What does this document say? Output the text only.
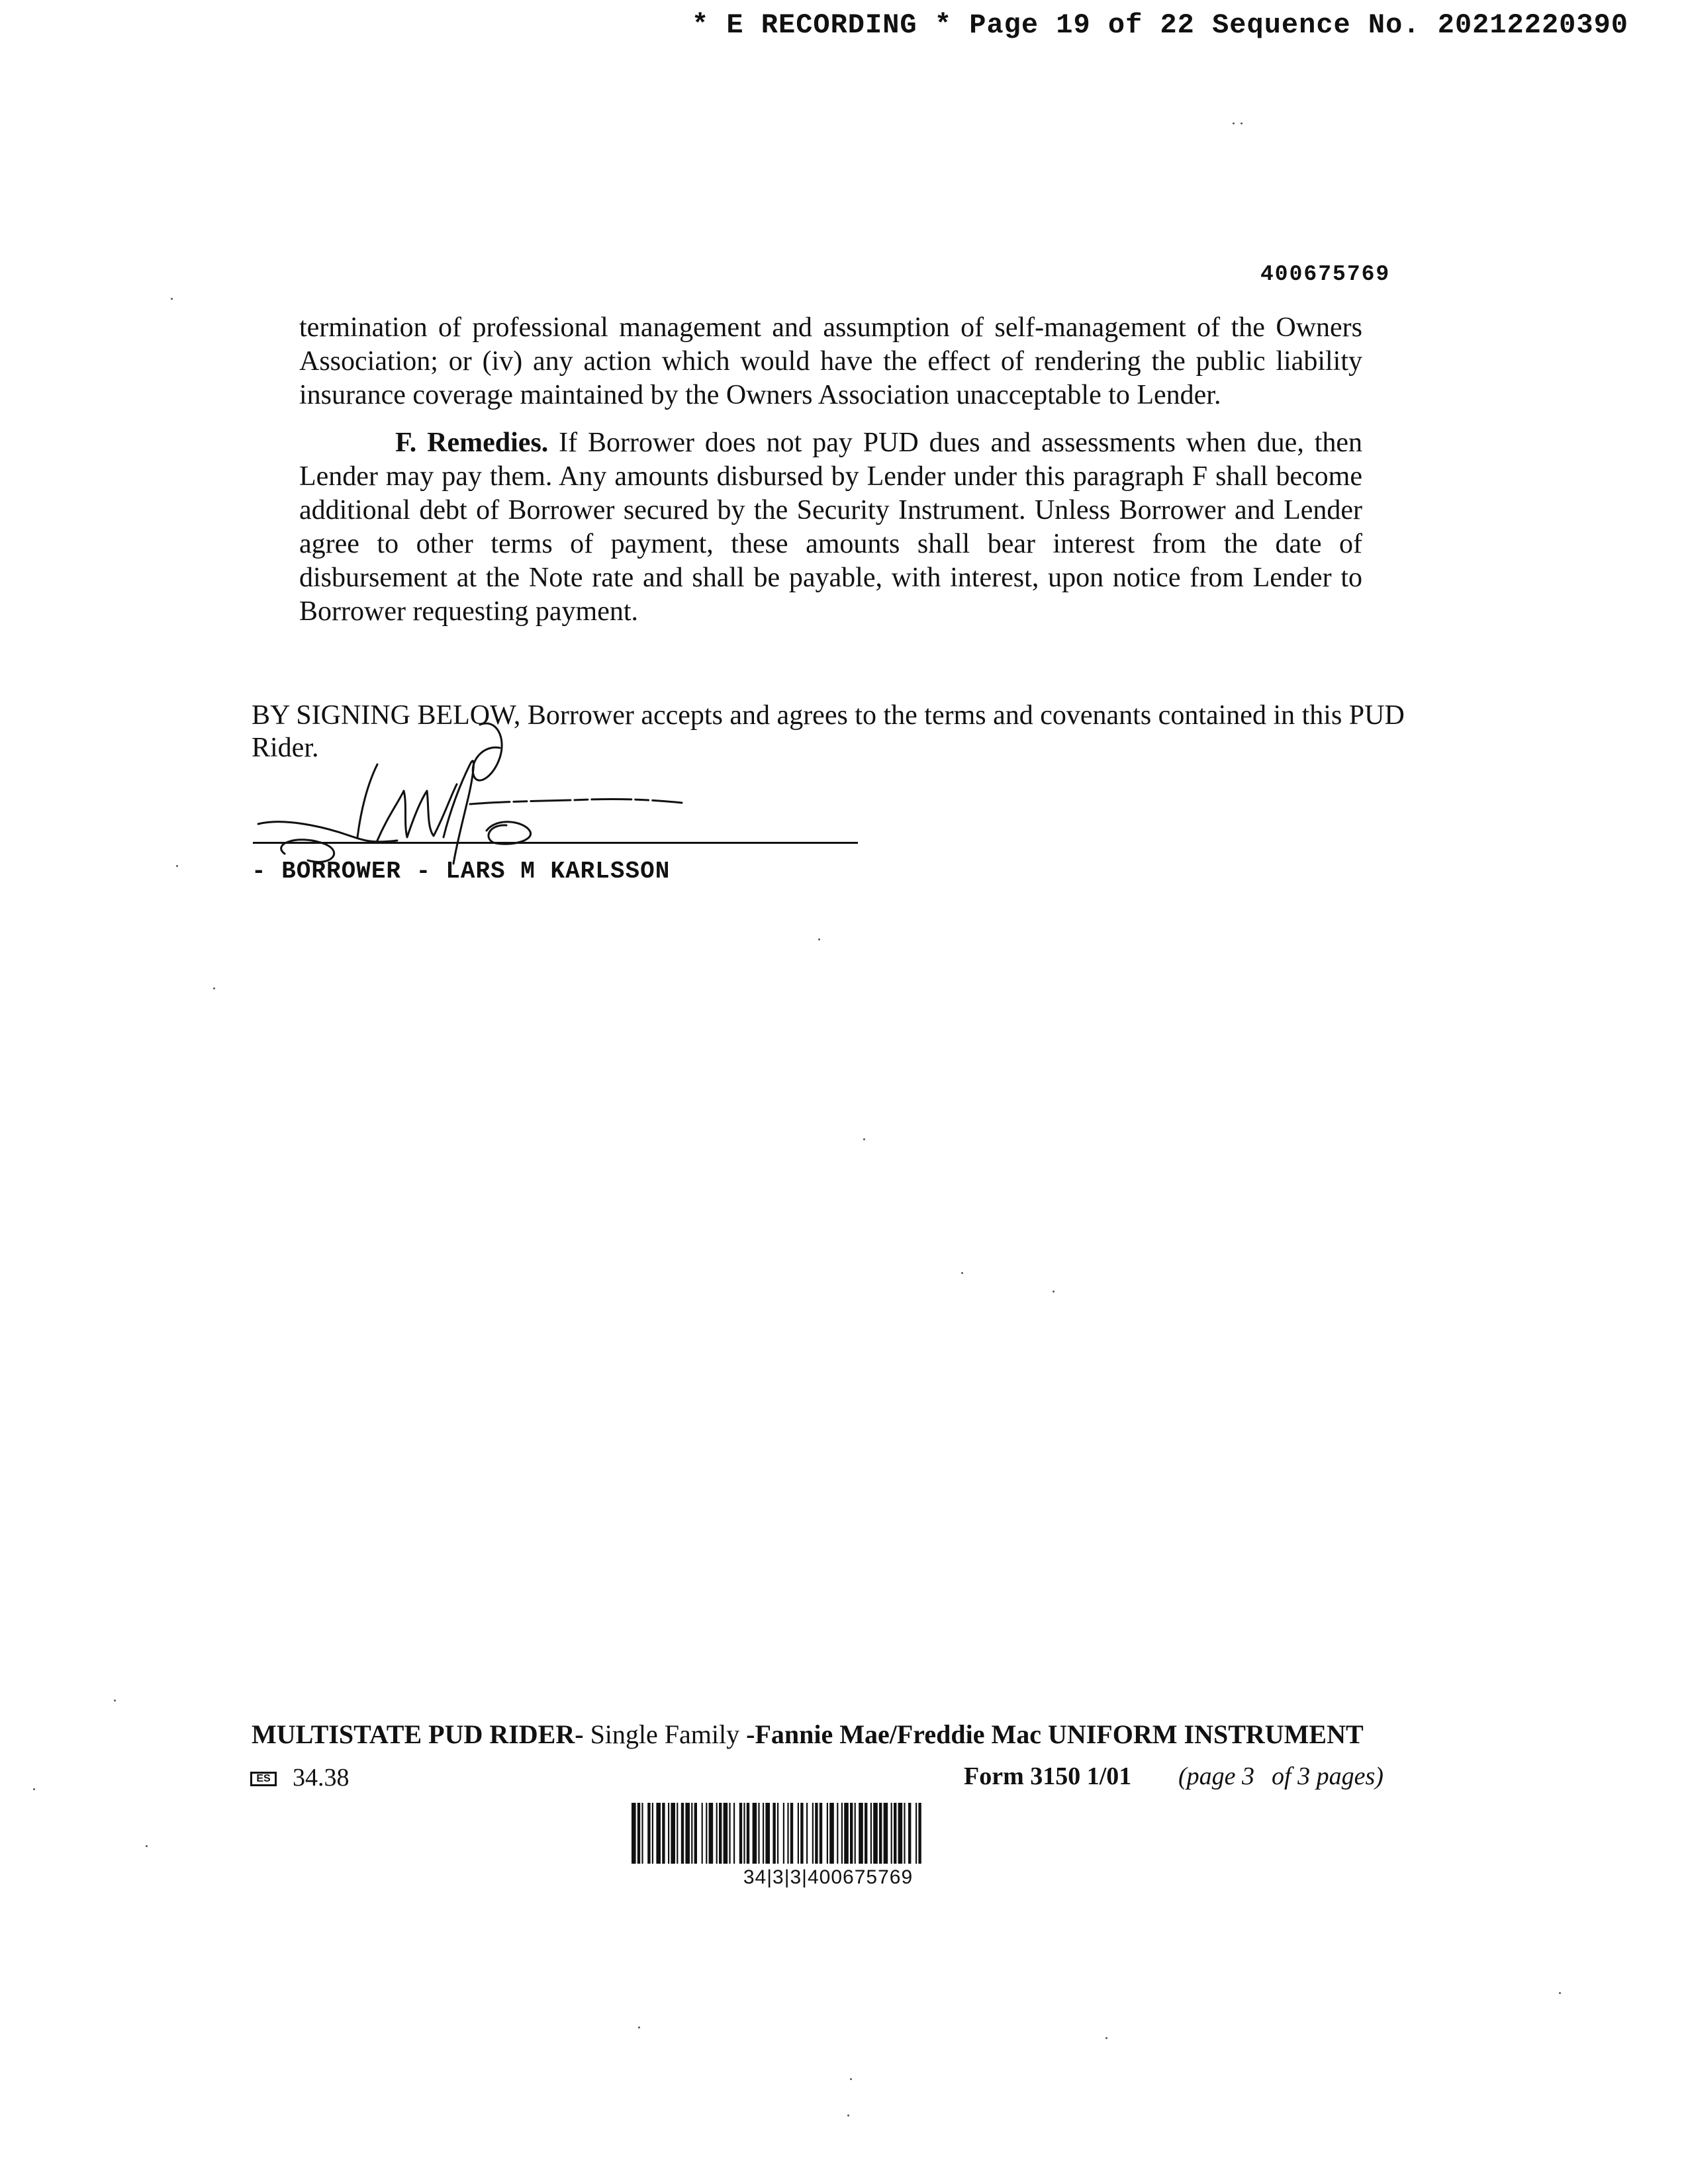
* E RECORDING * Page 19 of 22 Sequence No. 20212220390
400675769
termination of professional management and assumption of self-management of the Owners Association; or (iv) any action which would have the effect of rendering the public liability insurance coverage maintained by the Owners Association unacceptable to Lender.
F. Remedies. If Borrower does not pay PUD dues and assessments when due, then Lender may pay them. Any amounts disbursed by Lender under this paragraph F shall become additional debt of Borrower secured by the Security Instrument. Unless Borrower and Lender agree to other terms of payment, these amounts shall bear interest from the date of disbursement at the Note rate and shall be payable, with interest, upon notice from Lender to Borrower requesting payment.
BY SIGNING BELOW, Borrower accepts and agrees to the terms and covenants contained in this PUD Rider.
- BORROWER - LARS M KARLSSON
MULTISTATE PUD RIDER- Single Family -Fannie Mae/Freddie Mac UNIFORM INSTRUMENT
ES 34.38	Form 3150 1/01 (page 3 of 3 pages)
34|3|3|400675769
